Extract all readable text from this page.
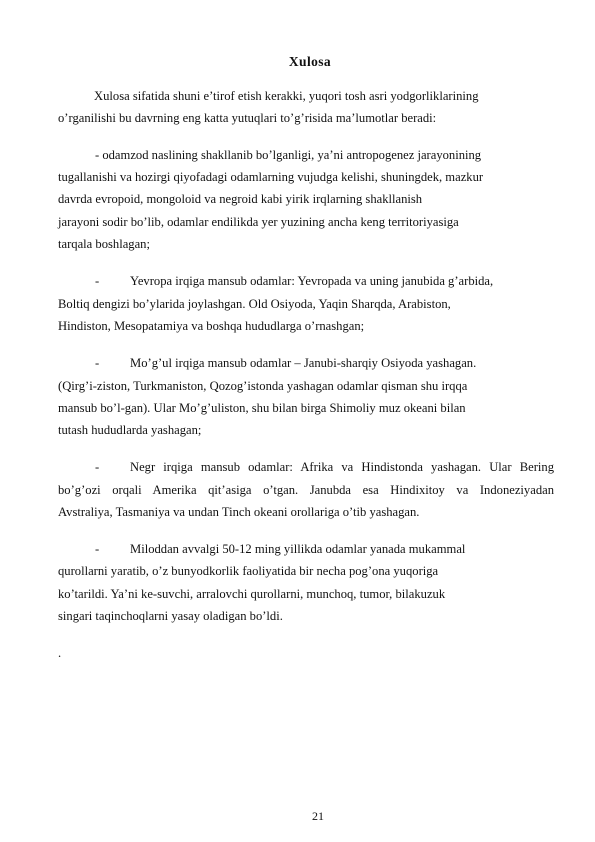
Xulosa
Xulosa sifatida shuni e’tirof etish kerakki, yuqori tosh asri yodgorliklarining
o’rganilishi bu davrning eng katta yutuqlari to’g’risida ma’lumotlar beradi:
- odamzod naslining shakllanib bo’lganligi, ya’ni antropogenez jarayonining
tugallanishi va hozirgi qiyofadagi odamlarning vujudga kelishi, shuningdek, mazkur
davrda evropoid, mongoloid va negroid kabi yirik irqlarning shakllanish
jarayoni sodir bo’lib, odamlar endilikda yer yuzining ancha keng territoriyasiga
tarqala boshlagan;
- Yevropa irqiga mansub odamlar: Yevropada va uning janubida g’arbida,
Boltiq dengizi bo’ylarida joylashgan. Old Osiyoda, Yaqin Sharqda, Arabiston,
Hindiston, Mesopatamiya va boshqa hududlarga o’rnashgan;
- Mo’g’ul irqiga mansub odamlar – Janubi-sharqiy Osiyoda yashagan.
(Qirg’i-ziston, Turkmaniston, Qozog’istonda yashagan odamlar qisman shu irqqa
mansub bo’l-gan). Ular Mo’g’uliston, shu bilan birga Shimoliy muz okeani bilan
tutash hududlarda yashagan;
- Negr irqiga mansub odamlar: Afrika va Hindistonda yashagan. Ular Bering
bo’g’ozi orqali Amerika qit’asiga o’tgan. Janubda esa Hindixitoy va Indoneziyadan
Avstraliya, Tasmaniya va undan Tinch okeani orollariga o’tib yashagan.
- Miloddan avvalgi 50-12 ming yillikda odamlar yanada mukammal
qurollarni yaratib, o’z bunyodkorlik faoliyatida bir necha pog’ona yuqoriga
ko’tarildi. Ya’ni ke-suvchi, arralovchi qurollarni, munchoq, tumor, bilakuzuk
singari taqinchoqlarni yasay oladigan bo’ldi.
.
21
